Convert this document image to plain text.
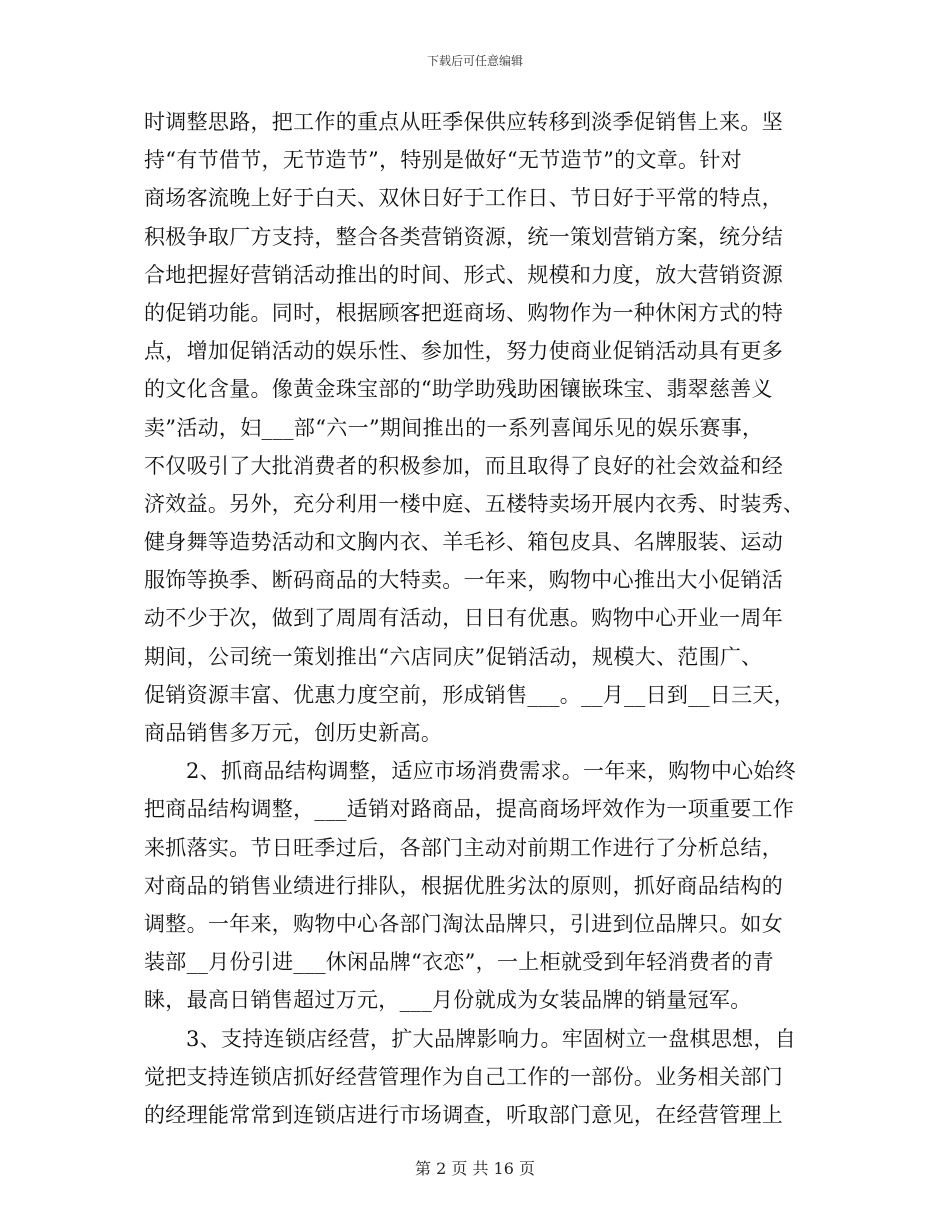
下载后可任意编辑
时调整思路，把工作的重点从旺季保供应转移到淡季促销售上来。坚
持“有节借节，无节造节”，特别是做好“无节造节”的文章。针对
商场客流晚上好于白天、双休日好于工作日、节日好于平常的特点，
积极争取厂方支持，整合各类营销资源，统一策划营销方案，统分结
合地把握好营销活动推出的时间、形式、规模和力度，放大营销资源
的促销功能。同时，根据顾客把逛商场、购物作为一种休闲方式的特
点，增加促销活动的娱乐性、参加性，努力使商业促销活动具有更多
的文化含量。像黄金珠宝部的“助学助残助困镶嵌珠宝、翡翠慈善义
卖”活动，妇___部“六一”期间推出的一系列喜闻乐见的娱乐赛事，
不仅吸引了大批消费者的积极参加，而且取得了良好的社会效益和经
济效益。另外，充分利用一楼中庭、五楼特卖场开展内衣秀、时装秀、
健身舞等造势活动和文胸内衣、羊毛衫、箱包皮具、名牌服装、运动
服饰等换季、断码商品的大特卖。一年来，购物中心推出大小促销活
动不少于次，做到了周周有活动，日日有优惠。购物中心开业一周年
期间，公司统一策划推出“六店同庆”促销活动，规模大、范围广、
促销资源丰富、优惠力度空前，形成销售___。__月__日到__日三天，
商品销售多万元，创历史新高。
2、抓商品结构调整，适应市场消费需求。一年来，购物中心始终
把商品结构调整，___适销对路商品，提高商场坪效作为一项重要工作
来抓落实。节日旺季过后，各部门主动对前期工作进行了分析总结，
对商品的销售业绩进行排队，根据优胜劣汰的原则，抓好商品结构的
调整。一年来，购物中心各部门淘汰品牌只，引进到位品牌只。如女
装部__月份引进___休闲品牌“衣恋”，一上柜就受到年轻消费者的青
睐，最高日销售超过万元，___月份就成为女装品牌的销量冠军。
3、支持连锁店经营，扩大品牌影响力。牢固树立一盘棋思想，自
觉把支持连锁店抓好经营管理作为自己工作的一部份。业务相关部门
的经理能常常到连锁店进行市场调查，听取部门意见，在经营管理上
第 2 页 共 16 页
